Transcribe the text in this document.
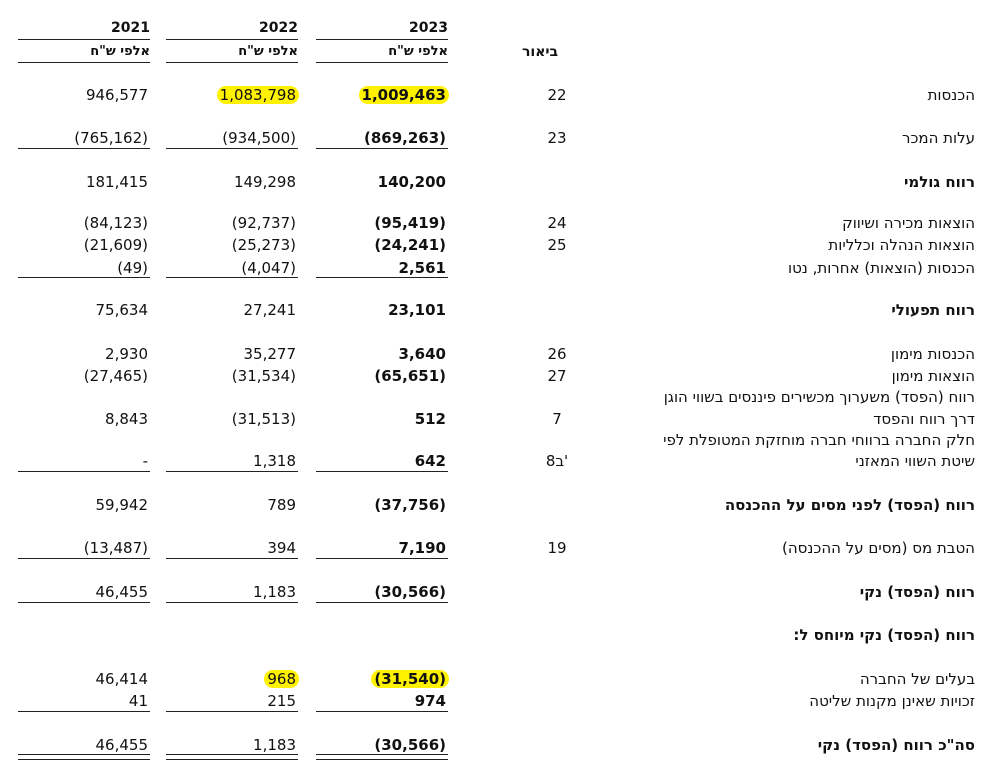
2021	2022	2023
אלפי ש"ח	אלפי ש"ח	אלפי ש"ח	ביאור
946,577	1,083,798	1,009,463	22	הכנסות
(765,162)	(934,500)	(869,263)	23	עלות המכר
181,415	149,298	140,200	רווח גולמי
(84,123)	(92,737)	(95,419)	24	הוצאות מכירה ושיווק
(21,609)	(25,273)	(24,241)	25	הוצאות הנהלה וכלליות
(49)	(4,047)	2,561	הכנסות (הוצאות) אחרות, נטו
75,634	27,241	23,101	רווח תפעולי
2,930	35,277	3,640	26	הכנסות מימון
(27,465)	(31,534)	(65,651)	27	הוצאות מימון
רווח (הפסד) משערוך מכשירים פיננסים בשווי הוגן
8,843	(31,513)	512	7	דרך רווח והפסד
חלק החברה ברווחי חברה מוחזקת המטופלת לפי
-	1,318	642	8ב'	שיטת השווי המאזני
59,942	789	(37,756)	רווח (הפסד) לפני מסים על ההכנסה
(13,487)	394	7,190	19	הטבת מס (מסים על ההכנסה)
46,455	1,183	(30,566)	רווח (הפסד) נקי
רווח (הפסד) נקי מיוחס ל:
46,414	968	(31,540)	בעלים של החברה
41	215	974	זכויות שאינן מקנות שליטה
46,455	1,183	(30,566)	סה"כ רווח (הפסד) נקי
